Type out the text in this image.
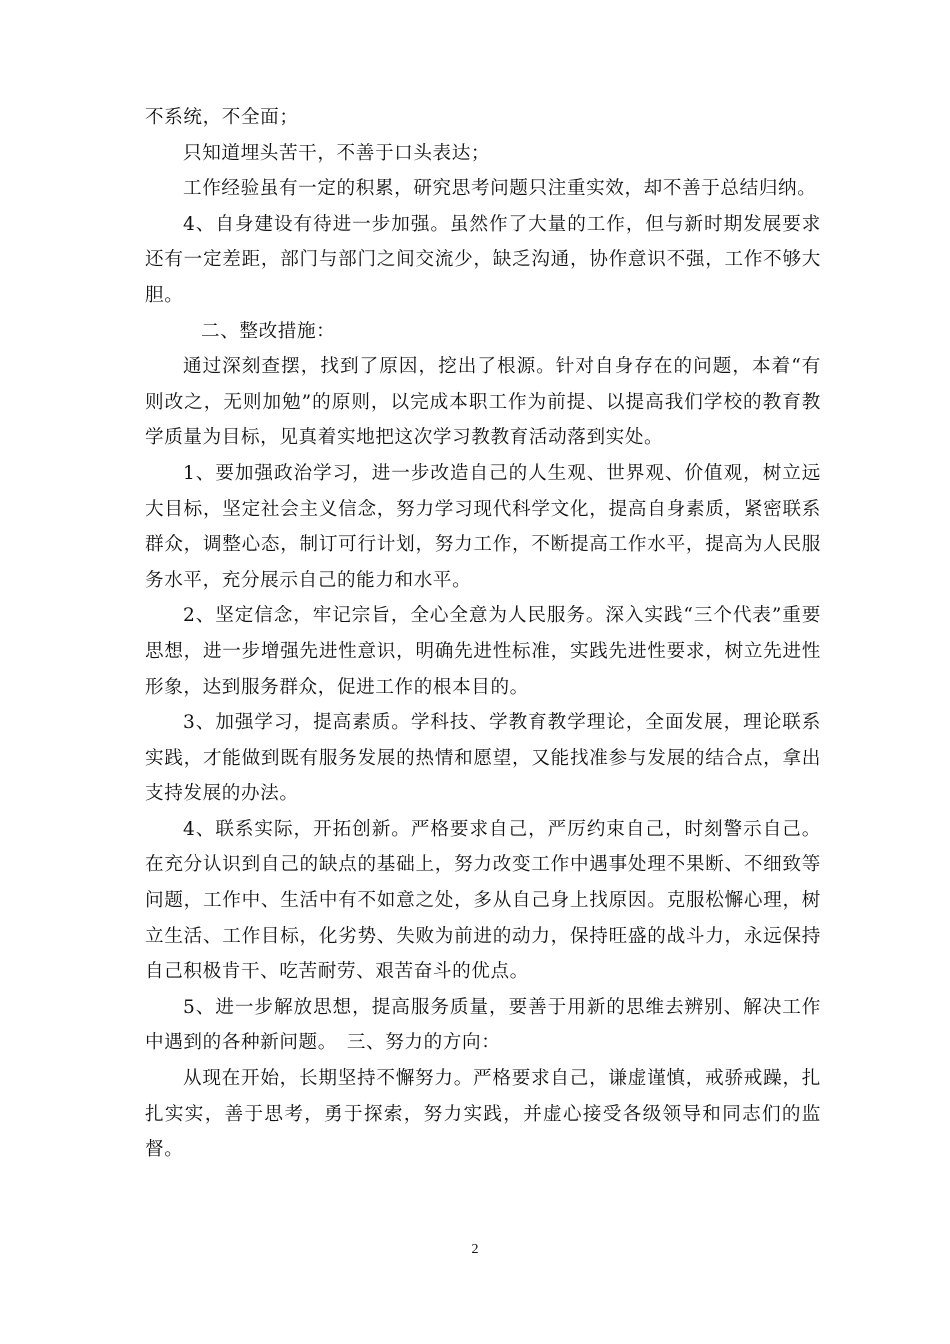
不系统，不全面；

只知道埋头苦干，不善于口头表达；

工作经验虽有一定的积累，研究思考问题只注重实效，却不善于总结归纳。

4、自身建设有待进一步加强。虽然作了大量的工作，但与新时期发展要求还有一定差距，部门与部门之间交流少，缺乏沟通，协作意识不强，工作不够大胆。

二、整改措施：

通过深刻查摆，找到了原因，挖出了根源。针对自身存在的问题，本着“有则改之，无则加勉”的原则，以完成本职工作为前提、以提高我们学校的教育教学质量为目标，见真着实地把这次学习教教育活动落到实处。

1、要加强政治学习，进一步改造自己的人生观、世界观、价值观，树立远大目标，坚定社会主义信念，努力学习现代科学文化，提高自身素质，紧密联系群众，调整心态，制订可行计划，努力工作，不断提高工作水平，提高为人民服务水平，充分展示自己的能力和水平。

2、坚定信念，牢记宗旨，全心全意为人民服务。深入实践“三个代表”重要思想，进一步增强先进性意识，明确先进性标准，实践先进性要求，树立先进性形象，达到服务群众，促进工作的根本目的。

3、加强学习，提高素质。学科技、学教育教学理论，全面发展，理论联系实践，才能做到既有服务发展的热情和愿望，又能找准参与发展的结合点，拿出支持发展的办法。

4、联系实际，开拓创新。严格要求自己，严厉约束自己，时刻警示自己。在充分认识到自己的缺点的基础上，努力改变工作中遇事处理不果断、不细致等问题，工作中、生活中有不如意之处，多从自己身上找原因。克服松懈心理，树立生活、工作目标，化劣势、失败为前进的动力，保持旺盛的战斗力，永远保持自己积极肯干、吃苦耐劳、艰苦奋斗的优点。

5、进一步解放思想，提高服务质量，要善于用新的思维去辨别、解决工作中遇到的各种新问题。　三、努力的方向：

从现在开始，长期坚持不懈努力。严格要求自己，谦虚谨慎，戒骄戒躁，扎扎实实，善于思考，勇于探索，努力实践，并虚心接受各级领导和同志们的监督。

2
